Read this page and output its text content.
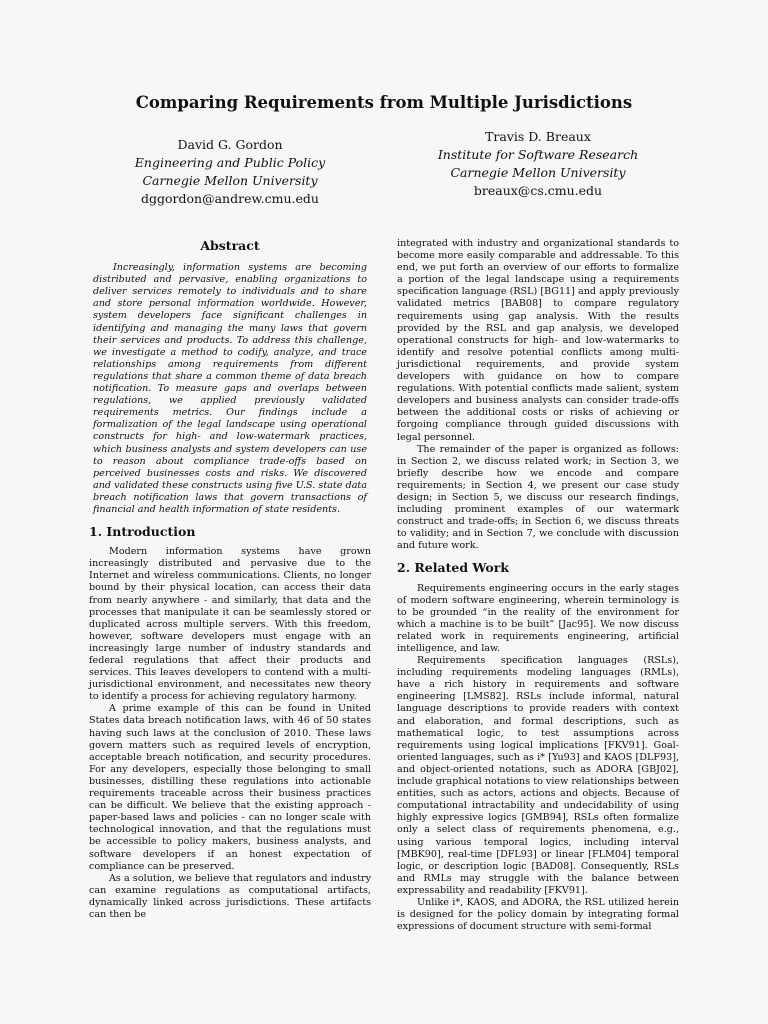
Comparing Requirements from Multiple Jurisdictions
David G. Gordon
Engineering and Public Policy
Carnegie Mellon University
dggordon@andrew.cmu.edu
Travis D. Breaux
Institute for Software Research
Carnegie Mellon University
breaux@cs.cmu.edu
Abstract

Increasingly, information systems are becoming distributed and pervasive, enabling organizations to deliver services remotely to individuals and to share and store personal information worldwide. However, system developers face significant challenges in identifying and managing the many laws that govern their services and products. To address this challenge, we investigate a method to codify, analyze, and trace relationships among requirements from different regulations that share a common theme of data breach notification. To measure gaps and overlaps between regulations, we applied previously validated requirements metrics. Our findings include a formalization of the legal landscape using operational constructs for high- and low-watermark practices, which business analysts and system developers can use to reason about compliance trade-offs based on perceived businesses costs and risks. We discovered and validated these constructs using five U.S. state data breach notification laws that govern transactions of financial and health information of state residents.

1. Introduction

Modern information systems have grown increasingly distributed and pervasive due to the Internet and wireless communications. Clients, no longer bound by their physical location, can access their data from nearly anywhere - and similarly, that data and the processes that manipulate it can be seamlessly stored or duplicated across multiple servers. With this freedom, however, software developers must engage with an increasingly large number of industry standards and federal regulations that affect their products and services. This leaves developers to contend with a multi-jurisdictional environment, and necessitates new theory to identify a process for achieving regulatory harmony.

A prime example of this can be found in United States data breach notification laws, with 46 of 50 states having such laws at the conclusion of 2010. These laws govern matters such as required levels of encryption, acceptable breach notification, and security procedures. For any developers, especially those belonging to small businesses, distilling these regulations into actionable requirements traceable across their business practices can be difficult. We believe that the existing approach - paper-based laws and policies - can no longer scale with technological innovation, and that the regulations must be accessible to policy makers, business analysts, and software developers if an honest expectation of compliance can be preserved.

As a solution, we believe that regulators and industry can examine regulations as computational artifacts, dynamically linked across jurisdictions. These artifacts can then be

integrated with industry and organizational standards to become more easily comparable and addressable. To this end, we put forth an overview of our efforts to formalize a portion of the legal landscape using a requirements specification language (RSL) [BG11] and apply previously validated metrics [BAB08] to compare regulatory requirements using gap analysis. With the results provided by the RSL and gap analysis, we developed operational constructs for high- and low-watermarks to identify and resolve potential conflicts among multi-jurisdictional requirements, and provide system developers with guidance on how to compare regulations. With potential conflicts made salient, system developers and business analysts can consider trade-offs between the additional costs or risks of achieving or forgoing compliance through guided discussions with legal personnel.

The remainder of the paper is organized as follows: in Section 2, we discuss related work; in Section 3, we briefly describe how we encode and compare requirements; in Section 4, we present our case study design; in Section 5, we discuss our research findings, including prominent examples of our watermark construct and trade-offs; in Section 6, we discuss threats to validity; and in Section 7, we conclude with discussion and future work.

2. Related Work

Requirements engineering occurs in the early stages of modern software engineering, wherein terminology is to be grounded “in the reality of the environment for which a machine is to be built” [Jac95]. We now discuss related work in requirements engineering, artificial intelligence, and law.

Requirements specification languages (RSLs), including requirements modeling languages (RMLs), have a rich history in requirements and software engineering [LMS82]. RSLs include informal, natural language descriptions to provide readers with context and elaboration, and formal descriptions, such as mathematical logic, to test assumptions across requirements using logical implications [FKV91]. Goal-oriented languages, such as i* [Yu93] and KAOS [DLF93], and object-oriented notations, such as ADORA [GBJ02], include graphical notations to view relationships between entities, such as actors, actions and objects. Because of computational intractability and undecidability of using highly expressive logics [GMB94], RSLs often formalize only a select class of requirements phenomena, e.g., using various temporal logics, including interval [MBK90], real-time [DFL93] or linear [FLM04] temporal logic, or description logic [BAD08]. Consequently, RSLs and RMLs may struggle with the balance between expressability and readability [FKV91].

Unlike i*, KAOS, and ADORA, the RSL utilized herein is designed for the policy domain by integrating formal expressions of document structure with semi-formal
